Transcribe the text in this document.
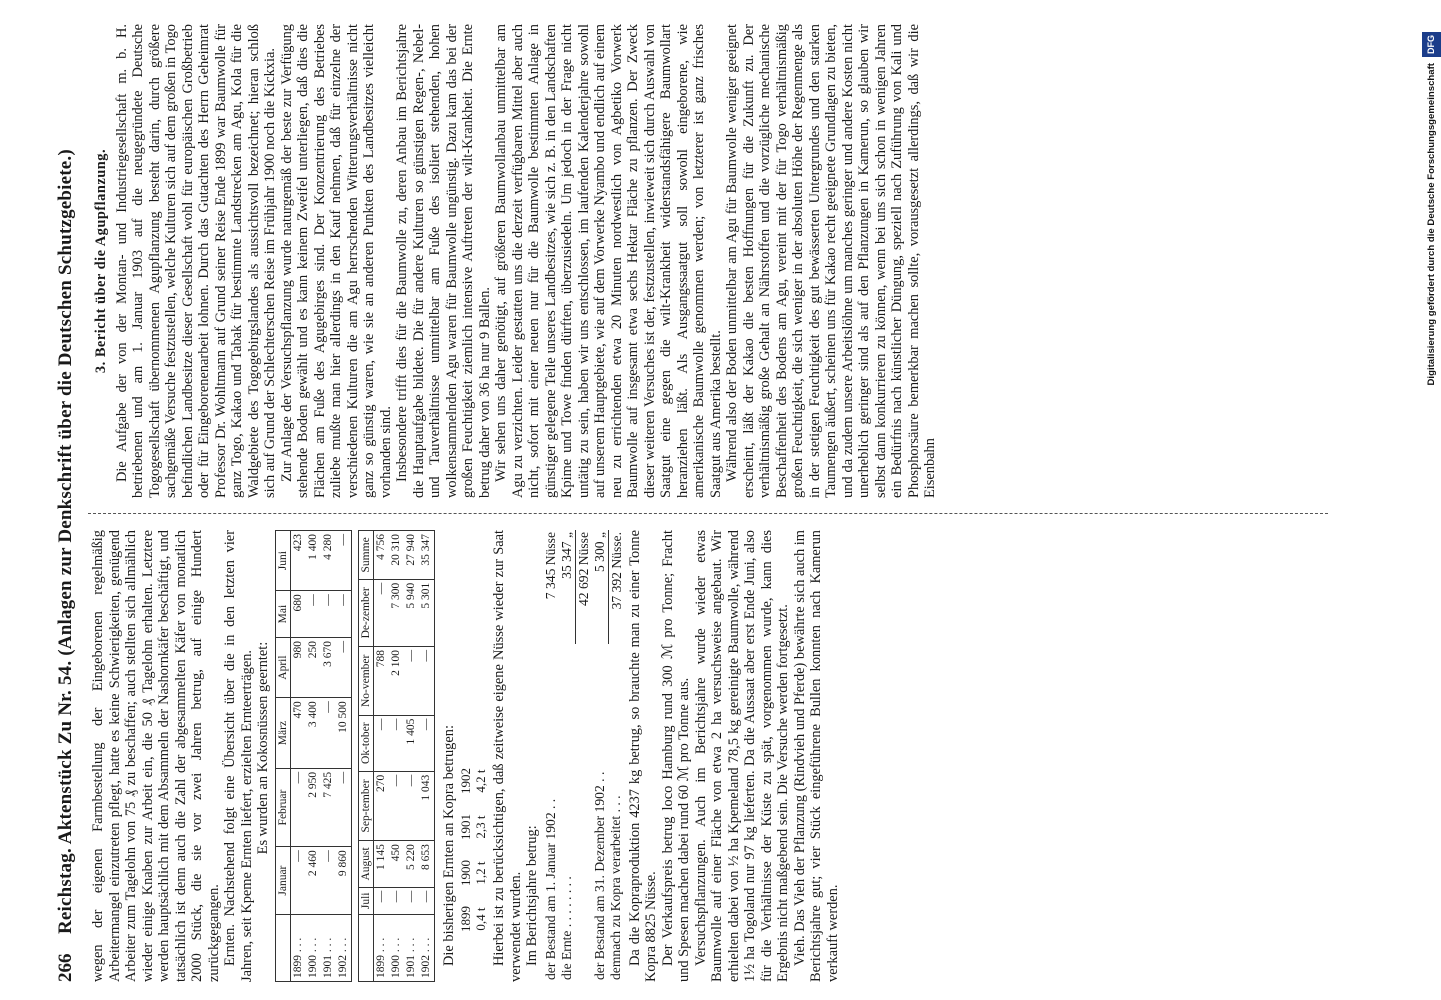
266
Reichstag. Aktenstück Zu Nr. 54. (Anlagen zur Denkschrift über die Deutschen Schutzgebiete.) wegen der eigenen Farmbestellung der Eingeborenen regelmäßig Arbeitermangel einzutreten pflegt, hatte es keine Schwierigkeiten, genügend Arbeiter zum Tagelohn von 75 ₰ zu beschaffen; auch stellten sich allmählich wieder einige Knaben zur Arbeit ein, die 50 ₰ Tagelohn erhalten. Letztere werden hauptsächlich mit dem Absammeln der Nashornkäfer beschäftigt, und tatsächlich ist denn auch die Zahl der abgesammelten Käfer von monatlich 2000 Stück, die sie vor zwei Jahren betrug, auf einige Hundert zurückgegangen. Ernten. Nachstehend folgt eine Übersicht über die in den letzten vier Jahren, seit Kpeme Ernten liefert, erzielten Ernteerträgen. Es wurden an Kokosnüssen geerntet:

	Januar	Februar	März	April	Mai	Juni
1899 . . .	—	—	470	980	680	423
1900 . . .	2 460	2 950	3 400	250	—	1 400
1901 . . .	—	7 425	—	3 670	—	4 280
1902 . . .	9 860	—	10 500	—	—	—
	Juli	August	Sep-tember	Ok-tober	No-vember	De-zember	Summe
1899 . . .	—	1 145	270	—	788	—	4 756
1900 . . .	—	450	—	—	2 100	7 300	20 310
1901 . . .	—	5 220	—	1 405	—	5 940	27 940
1902 . . .	—	8 653	1 043	—	—	5 301	35 347

Die bisherigen Ernten an Kopra betrugen: 1899	1900	1901	1902
0,4 t	1,2 t	2,3 t	4,2 t Hierbei ist zu berücksichtigen, daß zeitweise eigene Nüsse wieder zur Saat verwendet wurden. Im Berichtsjahre betrug: der Bestand am 1. Januar 1902 . .	7 345 Nüsse
die Ernte . . . . . . . .	35 347 „
	42 692 Nüsse
der Bestand am 31. Dezember 1902 . .	5 300 „
demnach zu Kopra verarbeitet . . .	37 392 Nüsse. Da die Kopraproduktion 4237 kg betrug, so brauchte man zu einer Tonne Kopra 8825 Nüsse. Der Verkaufspreis betrug loco Hamburg rund 300 ℳ pro Tonne; Fracht und Spesen machen dabei rund 60 ℳ pro Tonne aus. Versuchspflanzungen. Auch im Berichtsjahre wurde wieder etwas Baumwolle auf einer Fläche von etwa 2 ha versuchsweise angebaut. Wir erhielten dabei von ½ ha Kpemeland 78,5 kg gereinigte Baumwolle, während 1½ ha Togoland nur 97 kg lieferten. Da die Aussaat aber erst Ende Juni, also für die Verhältnisse der Küste zu spät, vorgenommen wurde, kann dies Ergebnis nicht maßgebend sein. Die Versuche werden fortgesetzt. Vieh. Das Vieh der Pflanzung (Rindvieh und Pferde) bewährte sich auch im Berichtsjahre gut; vier Stück eingeführene Bullen konnten nach Kamerun verkauft werden.

3. Bericht über die Agupflanzung. Die Aufgabe der von der Montan- und Industriegesellschaft m. b. H. betriebenen und am 1. Januar 1903 auf die neugegründete Deutsche Togogesellschaft übernommenen Agupflanzung besteht darin, durch größere sachgemäße Versuche festzustellen, welche Kulturen sich auf dem großen in Togo befindlichen Landbesitze dieser Gesellschaft wohl für europäischen Großbetrieb oder für Eingeborenenarbeit lohnen. Durch das Gutachten des Herrn Geheimrat Professor Dr. Wohltmann auf Grund seiner Reise Ende 1899 war Baumwolle für ganz Togo, Kakao und Tabak für bestimmte Landstrecken am Agu, Kola für die Waldgebiete des Togogebirgslandes als aussichtsvoll bezeichnet; hieran schloß sich auf Grund der Schlechterschen Reise im Frühjahr 1900 noch die Kickxia. Zur Anlage der Versuchspflanzung wurde naturgemäß der beste zur Verfügung stehende Boden gewählt und es kann keinem Zweifel unterliegen, daß dies die Flächen am Fuße des Agugebirges sind. Der Konzentrierung des Betriebes zuliebe mußte man hier allerdings in den Kauf nehmen, daß für einzelne der verschiedenen Kulturen die am Agu herrschenden Witterungsverhältnisse nicht ganz so günstig waren, wie sie an anderen Punkten des Landbesitzes vielleicht vorhanden sind. Insbesondere trifft dies für die Baumwolle zu, deren Anbau im Berichtsjahre die Hauptaufgabe bildete. Die für andere Kulturen so günstigen Regen-, Nebel- und Tauverhältnisse unmittelbar am Fuße des isoliert stehenden, hohen wolkensammelnden Agu waren für Baumwolle ungünstig. Dazu kam das bei der großen Feuchtigkeit ziemlich intensive Auftreten der wilt-Krankheit. Die Ernte betrug daher von 36 ha nur 9 Ballen. Wir sehen uns daher genötigt, auf größeren Baumwollanbau unmittelbar am Agu zu verzichten. Leider gestatten uns die derzeit verfügbaren Mittel aber auch nicht, sofort mit einer neuen nur für die Baumwolle bestimmten Anlage in günstiger gelegene Teile unseres Landbesitzes, wie sich z. B. in den Landschaften Kpime und Towe finden dürften, überzusiedeln. Um jedoch in der Frage nicht untätig zu sein, haben wir uns entschlossen, im laufenden Kalenderjahre sowohl auf unserem Hauptgebiete, wie auf dem Vorwerke Nyambo und endlich auf einem neu zu errichtenden etwa 20 Minuten nordwestlich von Agbetiko Vorwerk Baumwolle auf insgesamt etwa sechs Hektar Fläche zu pflanzen. Der Zweck dieser weiteren Versuches ist der, festzustellen, inwieweit sich durch Auswahl von Saatgut eine gegen die wilt-Krankheit widerstandsfähigere Baumwollart heranziehen läßt. Als Ausgangssaatgut soll sowohl eingeborene, wie amerikanische Baumwolle genommen werden; von letzterer ist ganz frisches Saatgut aus Amerika bestellt. Während also der Boden unmittelbar am Agu für Baumwolle weniger geeignet erscheint, läßt der Kakao die besten Hoffnungen für die Zukunft zu. Der verhältnismäßig große Gehalt an Nährstoffen und die vorzügliche mechanische Beschaffenheit des Bodens am Agu, vereint mit der für Togo verhältnismäßig großen Feuchtigkeit, die sich weniger in der absoluten Höhe der Regenmenge als in der stetigen Feuchtigkeit des gut bewässerten Untergrundes und den starken Taumengen äußert, scheinen uns für Kakao recht geeignete Grundlagen zu bieten, und da zudem unsere Arbeitslöhne um manches geringer und andere Kosten nicht unerheblich geringer sind als auf den Pflanzungen in Kamerun, so glauben wir selbst dann konkurrieren zu können, wenn bei uns sich schon in wenigen Jahren ein Bedürfnis nach künstlicher Düngung, speziell nach Zuführung von Kali und Phosphorsäure bemerkbar machen sollte, vorausgesetzt allerdings, daß wir die Eisenbahn

Digitalisierung gefördert durch die Deutsche ForschungsgemeinschaftDFG
